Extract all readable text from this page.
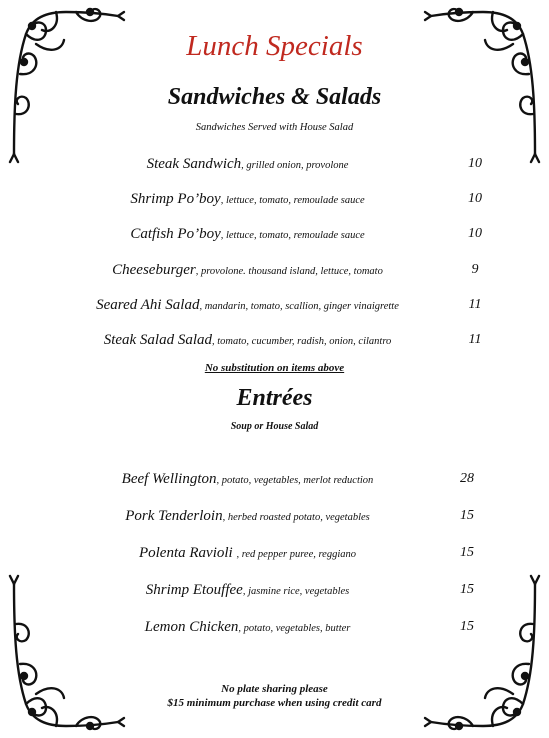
Lunch Specials
Sandwiches & Salads
Sandwiches Served with House Salad
Steak Sandwich, grilled onion, provolone	10
Shrimp Po’boy, lettuce, tomato, remoulade sauce	10
Catfish Po’boy, lettuce, tomato, remoulade sauce	10
Cheeseburger, provolone. thousand island, lettuce, tomato	9
Seared Ahi Salad, mandarin, tomato, scallion, ginger vinaigrette	11
Steak Salad Salad, tomato, cucumber, radish, onion, cilantro	11
No substitution on items above
Entrées
Soup or House Salad
Beef Wellington, potato, vegetables, merlot reduction	28
Pork Tenderloin, herbed roasted potato, vegetables	15
Polenta Ravioli , red pepper puree, reggiano	15
Shrimp Etouffee, jasmine rice, vegetables	15
Lemon Chicken, potato, vegetables, butter	15
No plate sharing please
$15 minimum purchase when using credit card
